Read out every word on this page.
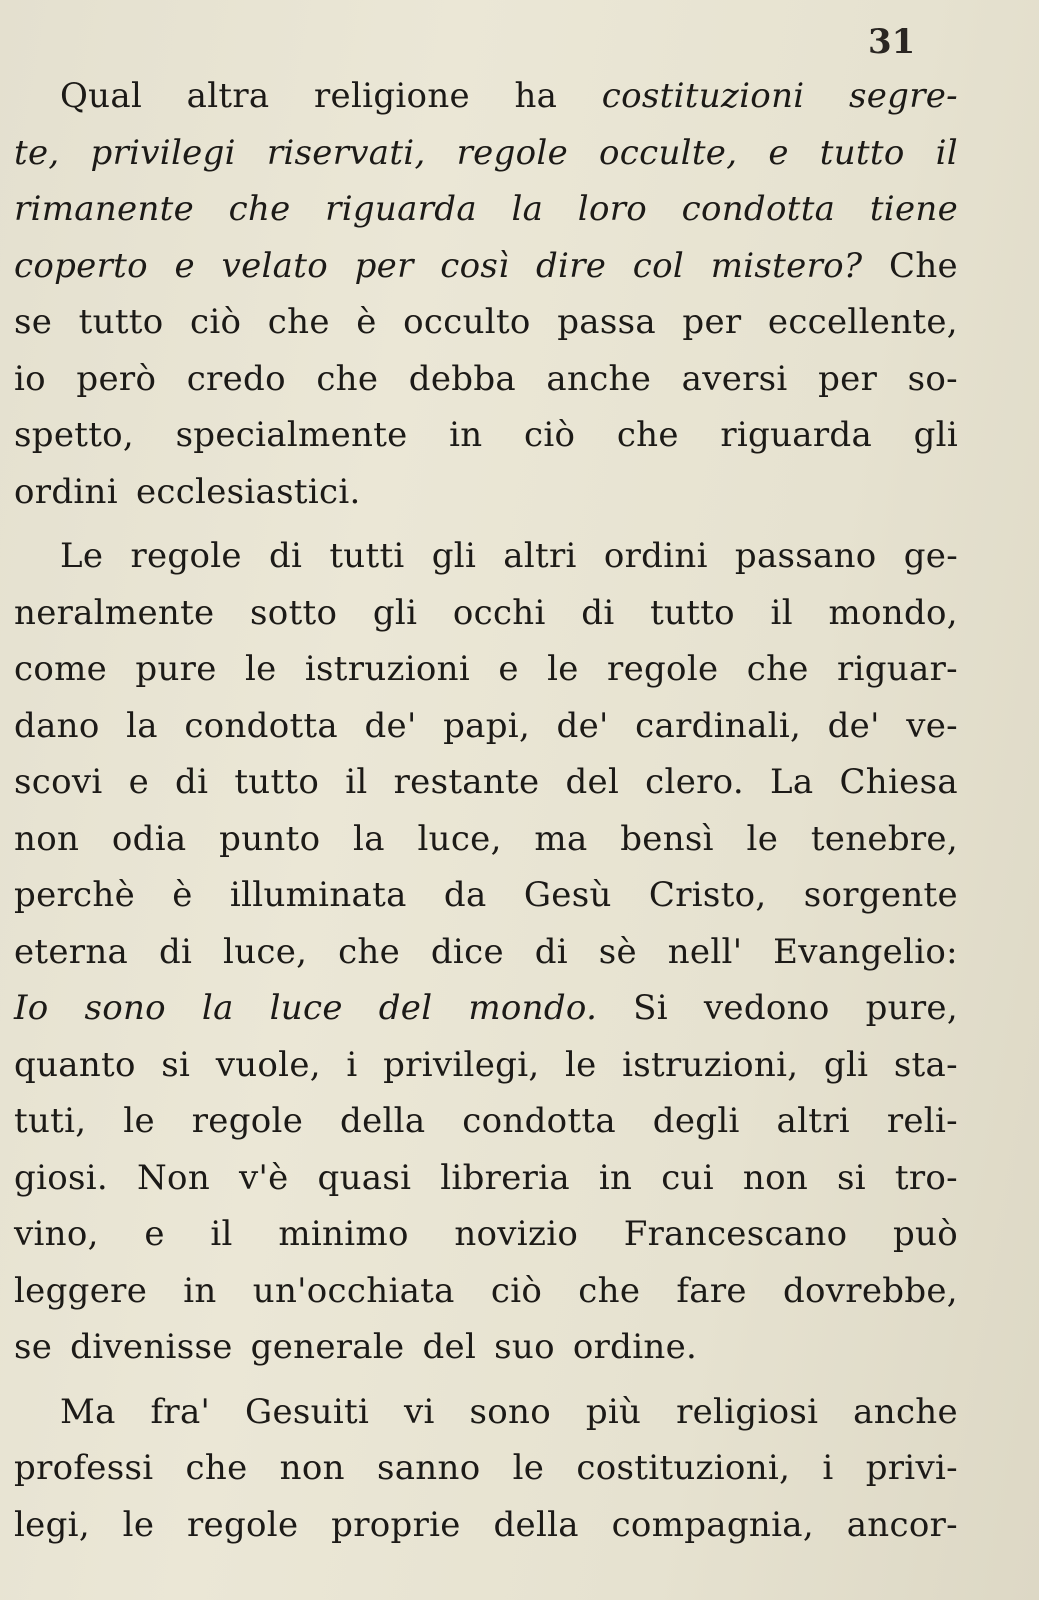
31
Qual altra religione ha costituzioni segre-
te, privilegi riservati, regole occulte, e tutto il
rimanente che riguarda la loro condotta tiene
coperto e velato per così dire col mistero? Che
se tutto ciò che è occulto passa per eccellente,
io però credo che debba anche aversi per so-
spetto, specialmente in ciò che riguarda gli
ordini ecclesiastici.
Le regole di tutti gli altri ordini passano ge-
neralmente sotto gli occhi di tutto il mondo,
come pure le istruzioni e le regole che riguar-
dano la condotta de' papi, de' cardinali, de' ve-
scovi e di tutto il restante del clero. La Chiesa
non odia punto la luce, ma bensì le tenebre,
perchè è illuminata da Gesù Cristo, sorgente
eterna di luce, che dice di sè nell' Evangelio:
Io sono la luce del mondo. Si vedono pure,
quanto si vuole, i privilegi, le istruzioni, gli sta-
tuti, le regole della condotta degli altri reli-
giosi. Non v'è quasi libreria in cui non si tro-
vino, e il minimo novizio Francescano può
leggere in un'occhiata ciò che fare dovrebbe,
se divenisse generale del suo ordine.
Ma fra' Gesuiti vi sono più religiosi anche
professi che non sanno le costituzioni, i privi-
legi, le regole proprie della compagnia, ancor-
